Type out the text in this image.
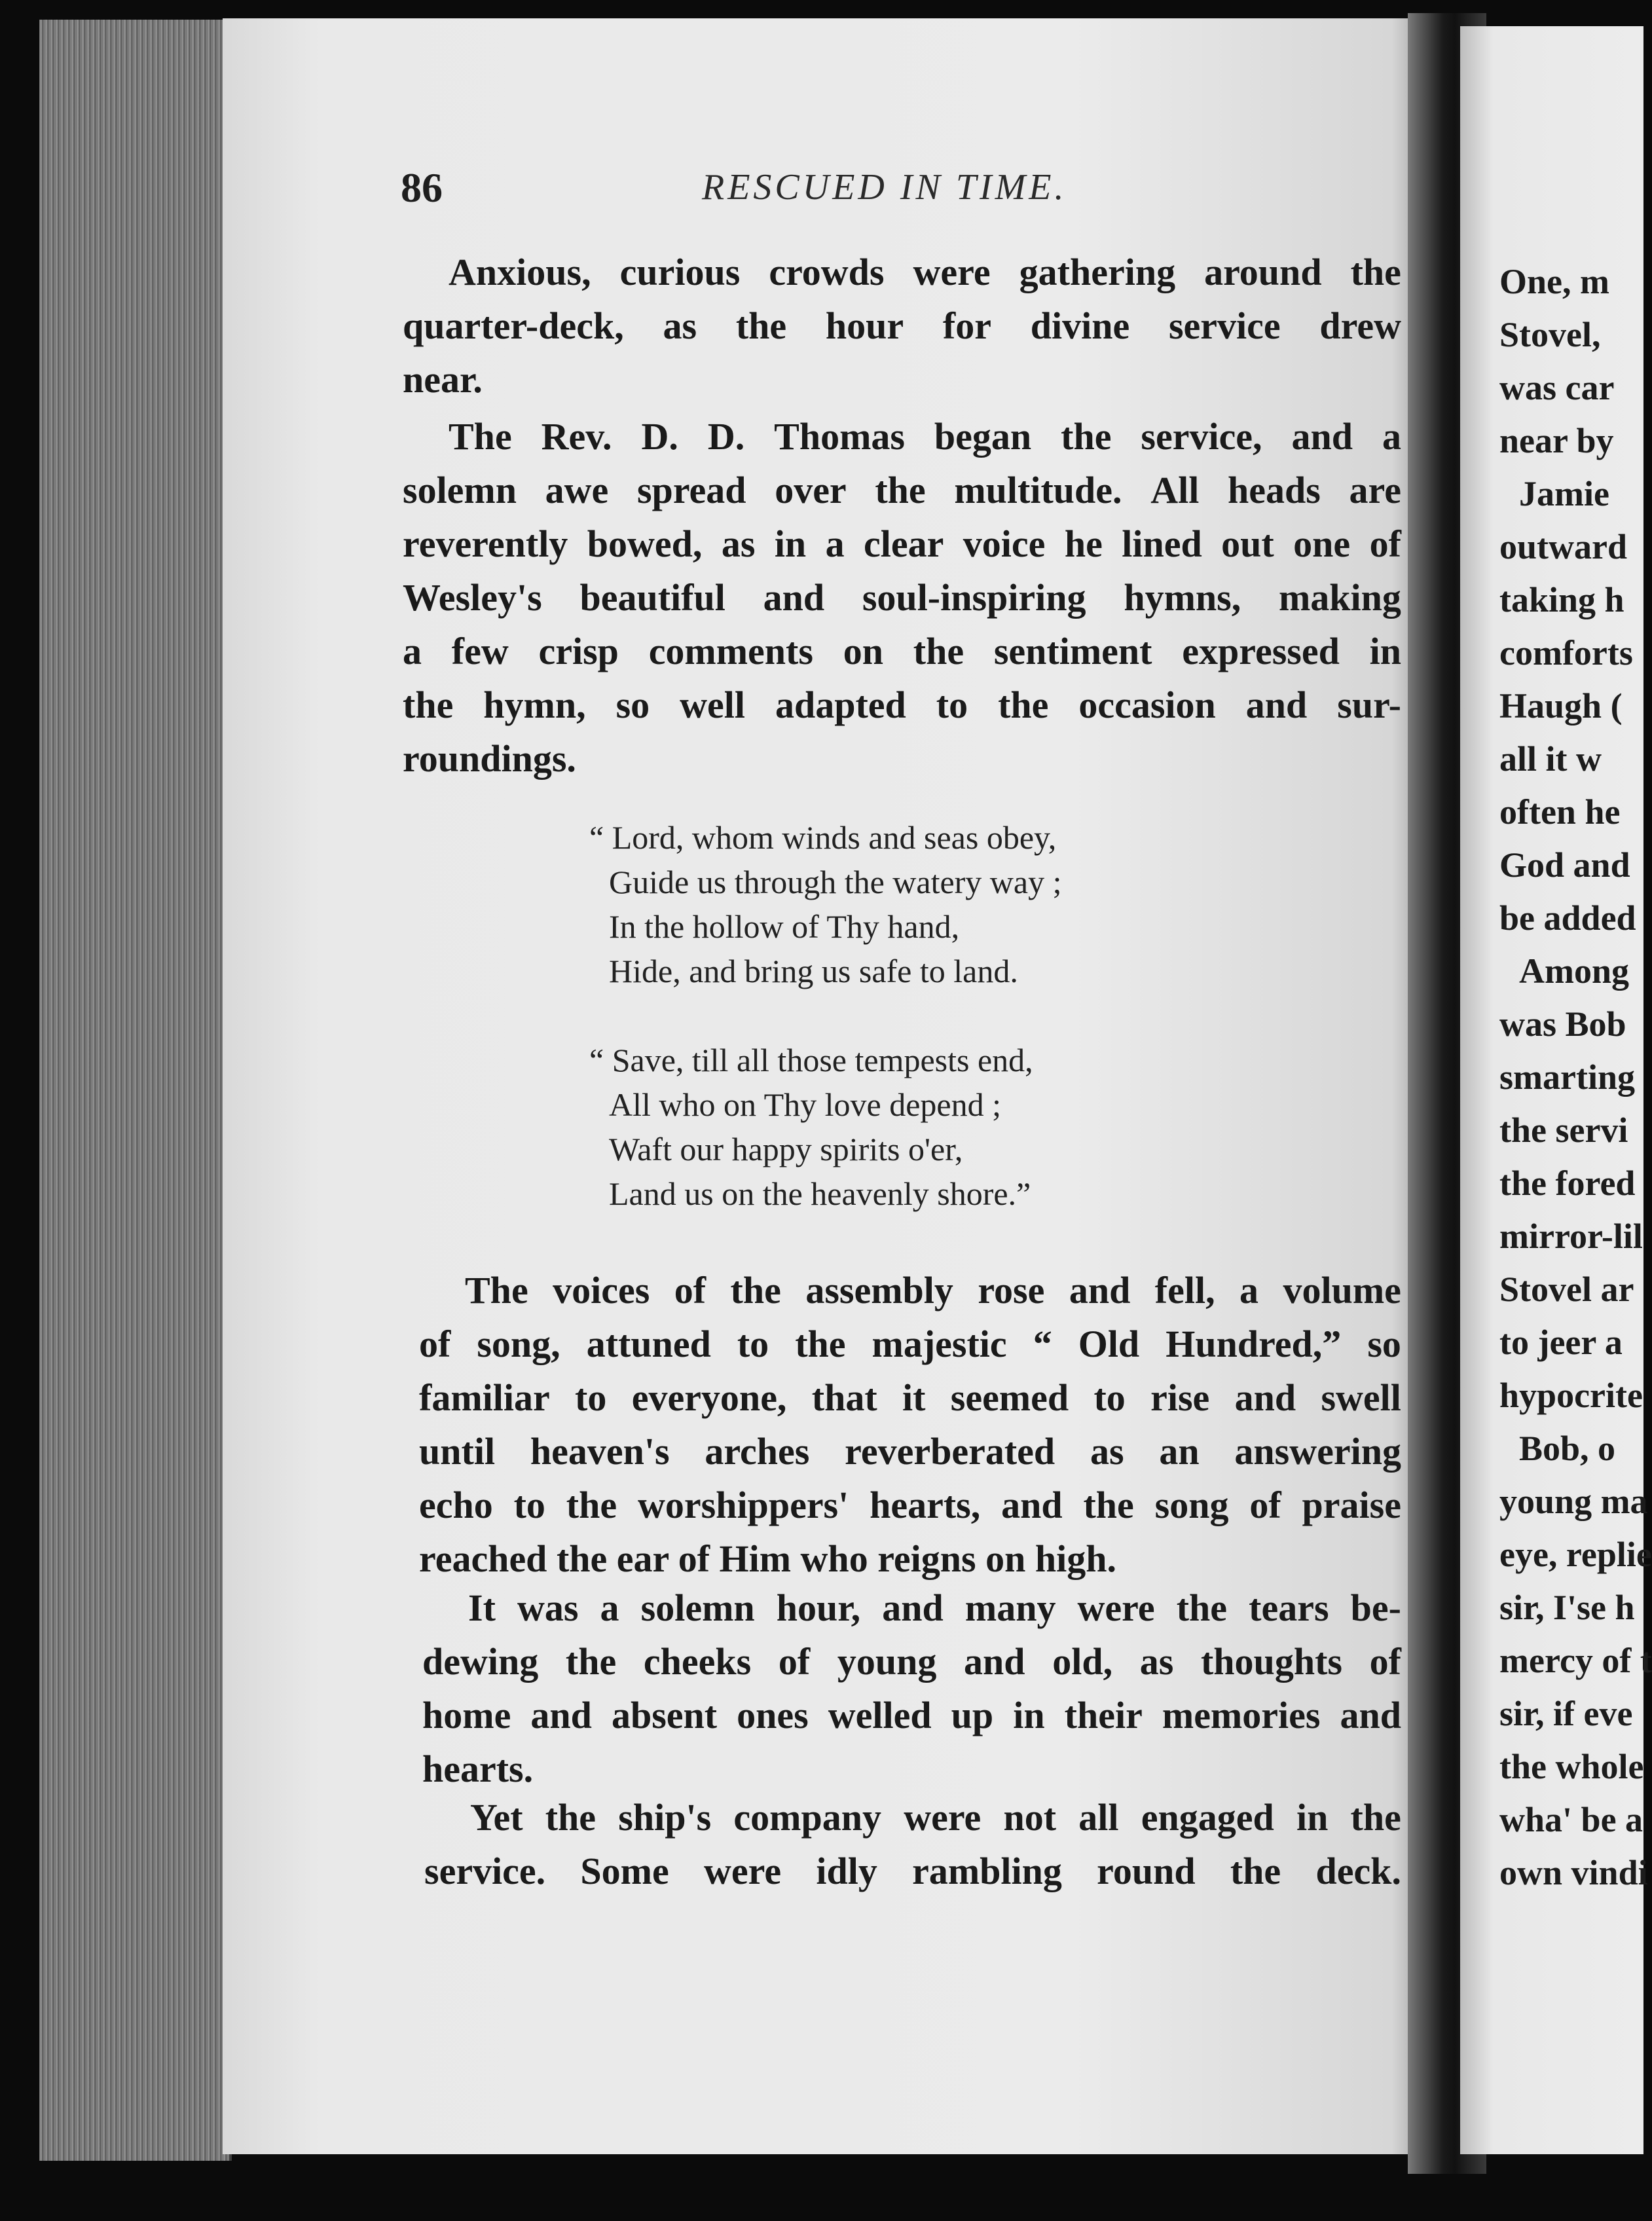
86	RESCUED IN TIME.
Anxious, curious crowds were gathering around the
quarter-deck, as the hour for divine service drew
near.
The Rev. D. D. Thomas began the service, and a
solemn awe spread over the multitude. All heads are
reverently bowed, as in a clear voice he lined out one of
Wesley's beautiful and soul-inspiring hymns, making
a few crisp comments on the sentiment expressed in
the hymn, so well adapted to the occasion and sur-
roundings.
“ Lord, whom winds and seas obey,
Guide us through the watery way ;
In the hollow of Thy hand,
Hide, and bring us safe to land.
“ Save, till all those tempests end,
All who on Thy love depend ;
Waft our happy spirits o'er,
Land us on the heavenly shore.”
The voices of the assembly rose and fell, a volume
of song, attuned to the majestic “ Old Hundred,” so
familiar to everyone, that it seemed to rise and swell
until heaven's arches reverberated as an answering
echo to the worshippers' hearts, and the song of praise
reached the ear of Him who reigns on high.
It was a solemn hour, and many were the tears be-
dewing the cheeks of young and old, as thoughts of
home and absent ones welled up in their memories and
hearts.
Yet the ship's company were not all engaged in the
service. Some were idly rambling round the deck.
One, m
Stovel,
was car
near by
Jamie
outward
taking h
comforts
Haugh (
all it w
often he
God and
be added
Among
was Bob
smarting
the servi
the fored
mirror-lil
Stovel ar
to jeer a
hypocrite
Bob, o
young ma
eye, replie
sir, I'se h
mercy of t
sir, if eve
the whole
wha' be a
own vindi
